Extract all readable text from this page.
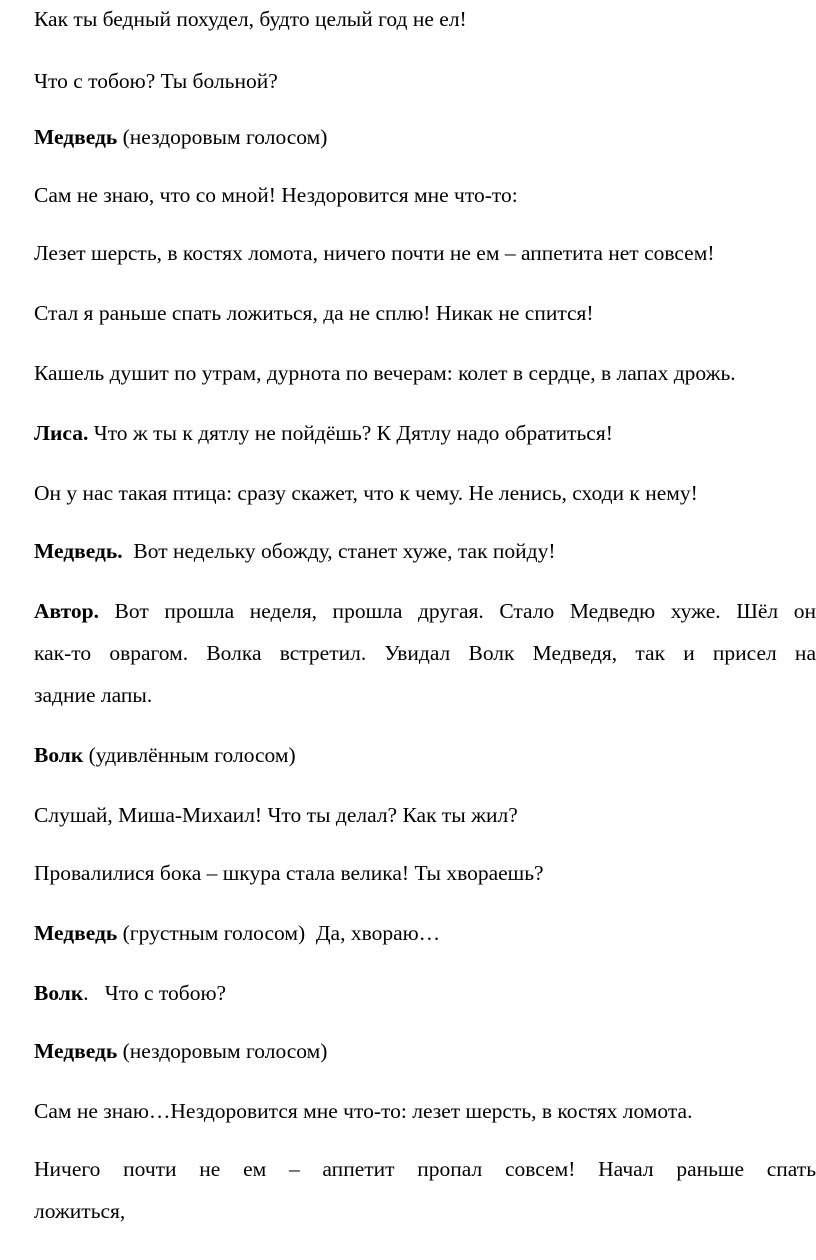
Как ты бедный похудел, будто целый год не ел!
Что с тобою? Ты больной?
Медведь (нездоровым голосом)
Сам не знаю, что со мной! Нездоровится мне что-то:
Лезет шерсть, в костях ломота, ничего почти не ем – аппетита нет совсем!
Стал я раньше спать ложиться, да не сплю! Никак не спится!
Кашель душит по утрам, дурнота по вечерам: колет в сердце, в лапах дрожь.
Лиса. Что ж ты к дятлу не пойдёшь? К Дятлу надо обратиться!
Он у нас такая птица: сразу скажет, что к чему. Не ленись, сходи к нему!
Медведь.  Вот недельку обожду, станет хуже, так пойду!
Автор. Вот прошла неделя, прошла другая. Стало Медведю хуже. Шёл он
как-то оврагом. Волка встретил. Увидал Волк Медведя, так и присел на
задние лапы.
Волк (удивлённым голосом)
Слушай, Миша-Михаил! Что ты делал? Как ты жил?
Провалилися бока – шкура стала велика! Ты хвораешь?
Медведь (грустным голосом)  Да, хвораю…
Волк.   Что с тобою?
Медведь (нездоровым голосом)
Сам не знаю…Нездоровится мне что-то: лезет шерсть, в костях ломота.
Ничего почти не ем – аппетит пропал совсем! Начал раньше спать
ложиться,
